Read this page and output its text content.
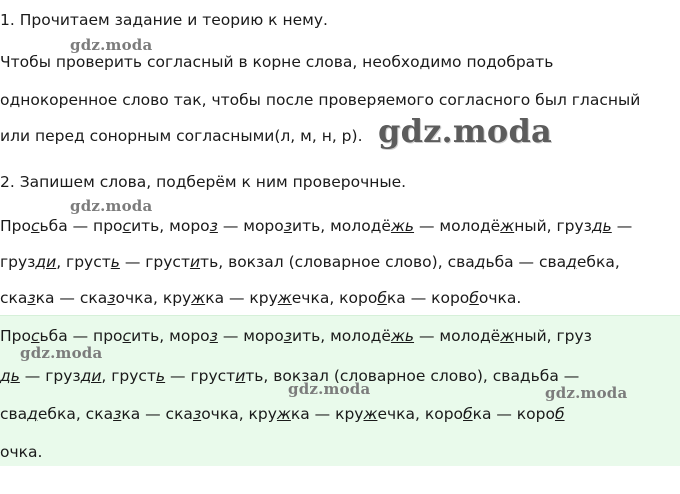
1. Прочитаем задание и теорию к нему.
Чтобы проверить согласный в корне слова, необходимо подобрать
однокоренное слово так, чтобы после проверяемого согласного был гласный
или перед сонорным согласными(л, м, н, р).
2. Запишем слова, подберём к ним проверочные.
Просьба — просить, мороз — морозить, молодёжь — молодёжный, груздь —
грузди, грусть — грустить, вокзал (словарное слово), свадьба — свадебка,
сказка — сказочка, кружка — кружечка, коробка — коробочка.
Просьба — просить, мороз — морозить, молодёжь — молодёжный, груз
дь — грузди, грусть — грустить, вокзал (словарное слово), свадьба —
свадебка, сказка — сказочка, кружка — кружечка, коробка — короб
очка.
gdz.moda
gdz.moda
gdz.moda
gdz.moda
gdz.moda	gdz.moda
